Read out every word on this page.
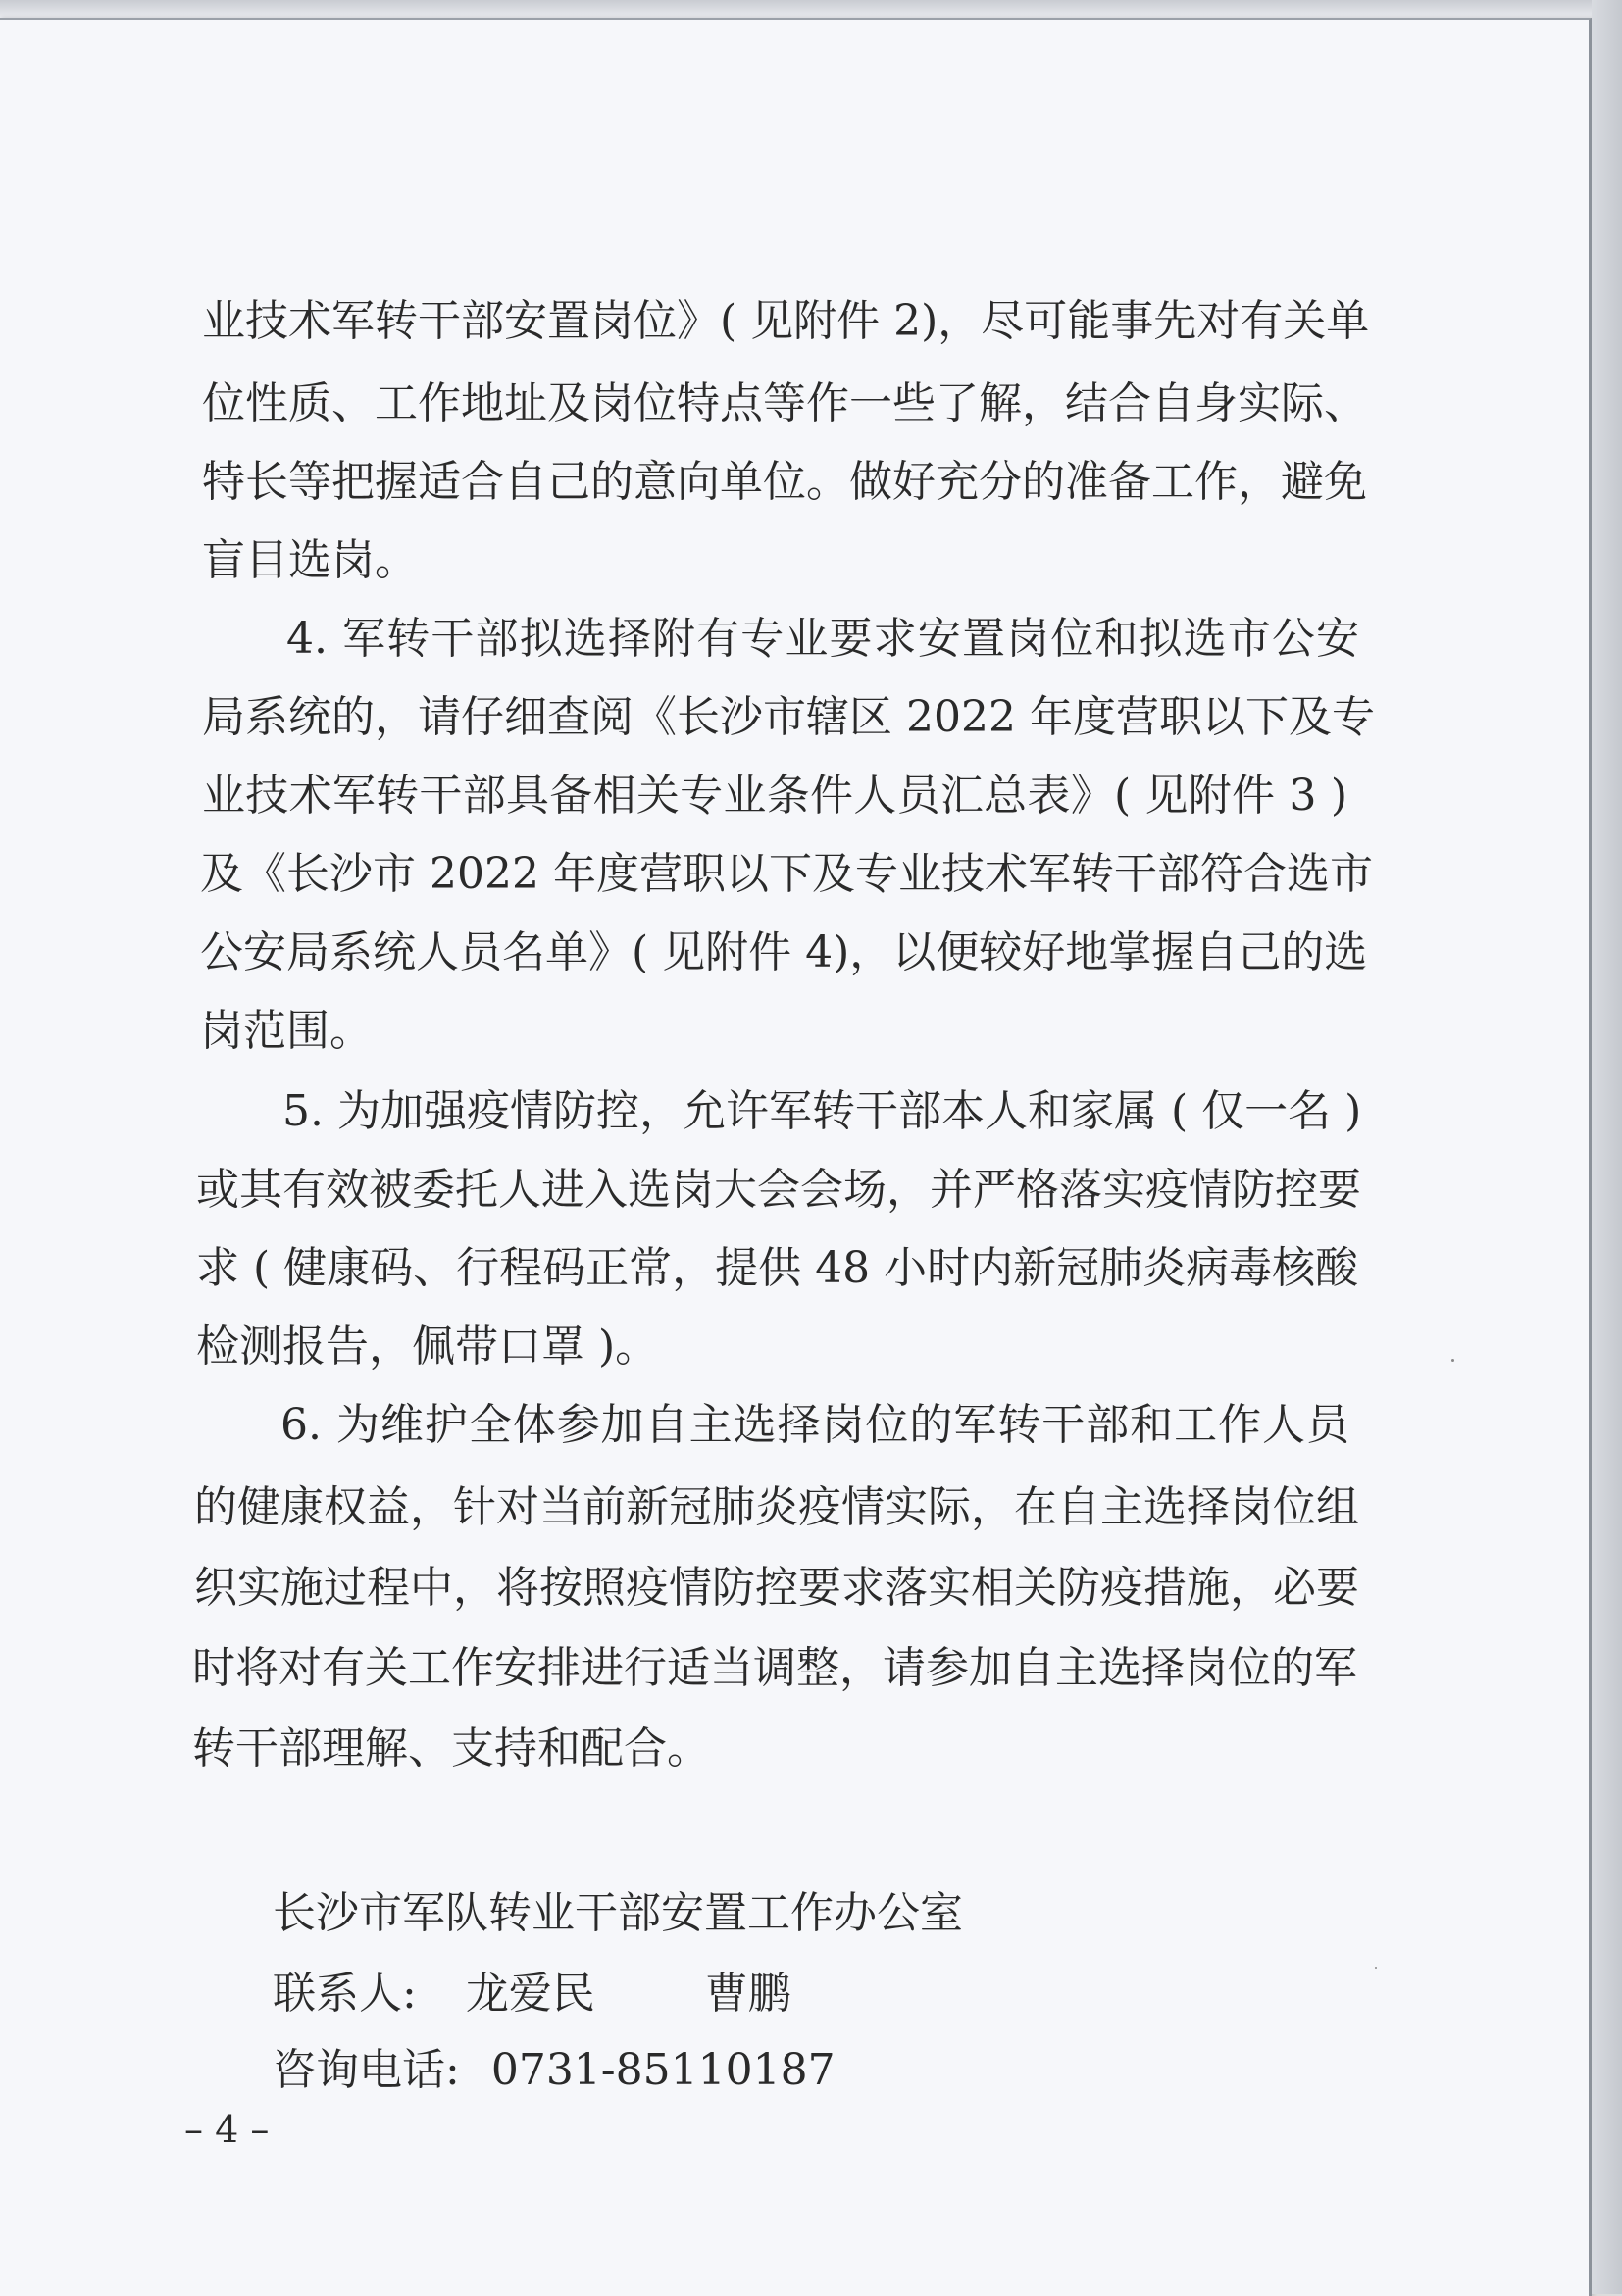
业技术军转干部安置岗位》( 见附件 2)，尽可能事先对有关单
位性质、工作地址及岗位特点等作一些了解，结合自身实际、
特长等把握适合自己的意向单位。做好充分的准备工作，避免
盲目选岗。
4. 军转干部拟选择附有专业要求安置岗位和拟选市公安
局系统的，请仔细查阅《长沙市辖区 2022 年度营职以下及专
业技术军转干部具备相关专业条件人员汇总表》( 见附件 3 )
及《长沙市 2022 年度营职以下及专业技术军转干部符合选市
公安局系统人员名单》( 见附件 4)，以便较好地掌握自己的选
岗范围。
5. 为加强疫情防控，允许军转干部本人和家属 ( 仅一名 )
或其有效被委托人进入选岗大会会场，并严格落实疫情防控要
求 ( 健康码、行程码正常，提供 48 小时内新冠肺炎病毒核酸
检测报告，佩带口罩 )。
6. 为维护全体参加自主选择岗位的军转干部和工作人员
的健康权益，针对当前新冠肺炎疫情实际，在自主选择岗位组
织实施过程中，将按照疫情防控要求落实相关防疫措施，必要
时将对有关工作安排进行适当调整，请参加自主选择岗位的军
转干部理解、支持和配合。
长沙市军队转业干部安置工作办公室
联系人: 龙爱民        曹鹏
咨询电话: 0731-85110187
– 4 –
